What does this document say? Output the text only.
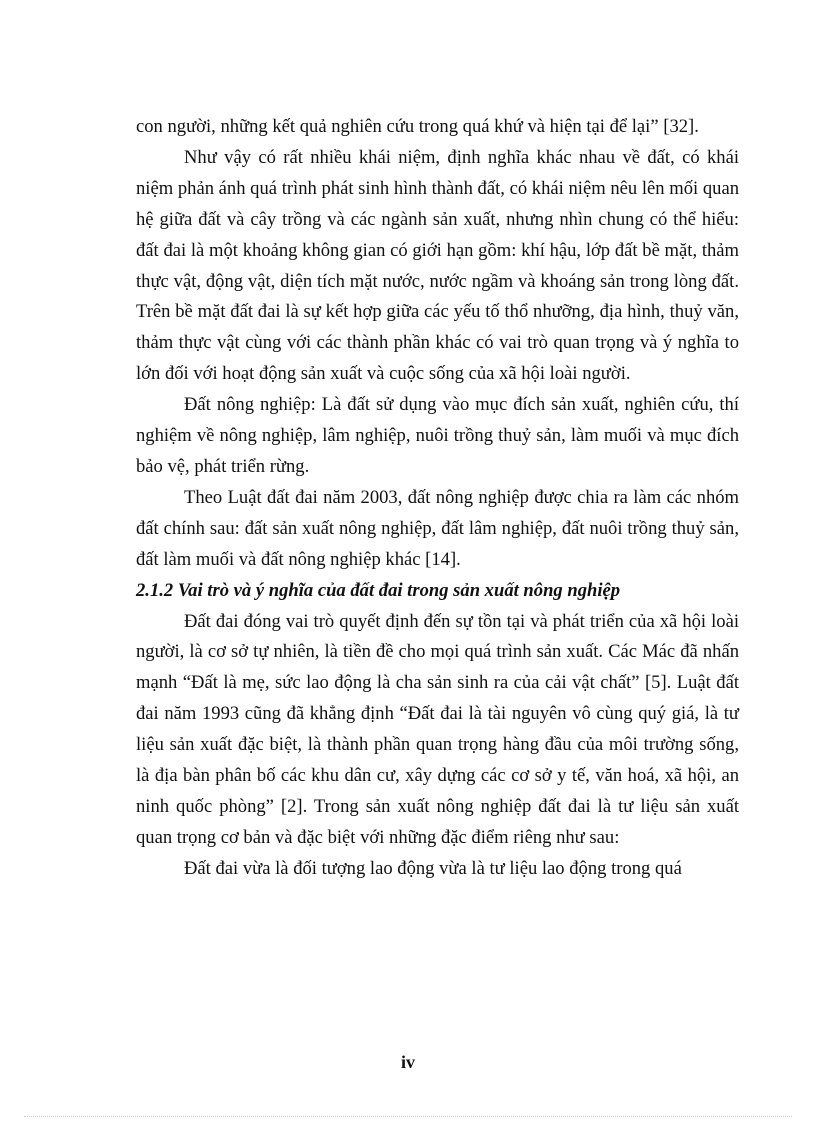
con người, những kết quả nghiên cứu trong quá khứ và hiện tại để lại” [32].

Như vậy có rất nhiều khái niệm, định nghĩa khác nhau về đất, có khái niệm phản ánh quá trình phát sinh hình thành đất, có khái niệm nêu lên mối quan hệ giữa đất và cây trồng và các ngành sản xuất, nhưng nhìn chung có thể hiểu: đất đai là một khoảng không gian có giới hạn gồm: khí hậu, lớp đất bề mặt, thảm thực vật, động vật, diện tích mặt nước, nước ngầm và khoáng sản trong lòng đất. Trên bề mặt đất đai là sự kết hợp giữa các yếu tố thổ nhưỡng, địa hình, thuỷ văn, thảm thực vật cùng với các thành phần khác có vai trò quan trọng và ý nghĩa to lớn đối với hoạt động sản xuất và cuộc sống của xã hội loài người.

Đất nông nghiệp: Là đất sử dụng vào mục đích sản xuất, nghiên cứu, thí nghiệm về nông nghiệp, lâm nghiệp, nuôi trồng thuỷ sản, làm muối và mục đích bảo vệ, phát triển rừng.

Theo Luật đất đai năm 2003, đất nông nghiệp được chia ra làm các nhóm đất chính sau: đất sản xuất nông nghiệp, đất lâm nghiệp, đất nuôi trồng thuỷ sản, đất làm muối và đất nông nghiệp khác [14].

2.1.2 Vai trò và ý nghĩa của đất đai trong sản xuất nông nghiệp

Đất đai đóng vai trò quyết định đến sự tồn tại và phát triển của xã hội loài người, là cơ sở tự nhiên, là tiền đề cho mọi quá trình sản xuất. Các Mác đã nhấn mạnh “Đất là mẹ, sức lao động là cha sản sinh ra của cải vật chất” [5]. Luật đất đai năm 1993 cũng đã khẳng định “Đất đai là tài nguyên vô cùng quý giá, là tư liệu sản xuất đặc biệt, là thành phần quan trọng hàng đầu của môi trường sống, là địa bàn phân bố các khu dân cư, xây dựng các cơ sở y tế, văn hoá, xã hội, an ninh quốc phòng” [2]. Trong sản xuất nông nghiệp đất đai là tư liệu sản xuất quan trọng cơ bản và đặc biệt với những đặc điểm riêng như sau:

Đất đai vừa là đối tượng lao động vừa là tư liệu lao động trong quá

iv
